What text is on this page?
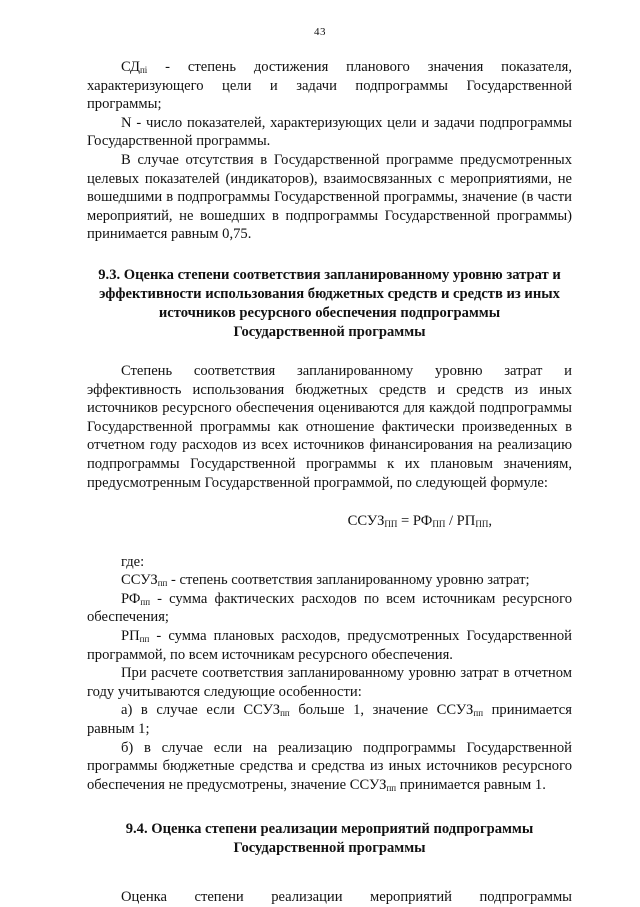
43

$СД_{пi}$ - степень достижения планового значения показателя, характеризующего цели и задачи подпрограммы Государственной программы;

N - число показателей, характеризующих цели и задачи подпрограммы Государственной программы.

В случае отсутствия в Государственной программе предусмотренных целевых показателей (индикаторов), взаимосвязанных с мероприятиями, не вошедшими в подпрограммы Государственной программы, значение (в части мероприятий, не вошедших в подпрограммы Государственной программы) принимается равным 0,75.

9.3. Оценка степени соответствия запланированному уровню затрат и
эффективности использования бюджетных средств и средств из иных
источников ресурсного обеспечения подпрограммы
Государственной программы

Степень соответствия запланированному уровню затрат и эффективность использования бюджетных средств и средств из иных источников ресурсного обеспечения оцениваются для каждой подпрограммы Государственной программы как отношение фактически произведенных в отчетном году расходов из всех источников финансирования на реализацию подпрограммы Государственной программы к их плановым значениям, предусмотренным Государственной программой, по следующей формуле:

$ССУЗ_{ПП} = РФ_{ПП} / РП_{ПП}$,

где:

$ССУЗ_{пп}$ - степень соответствия запланированному уровню затрат;

$РФ_{пп}$ - сумма фактических расходов по всем источникам ресурсного обеспечения;

$РП_{пп}$ - сумма плановых расходов, предусмотренных Государственной программой, по всем источникам ресурсного обеспечения.

При расчете соответствия запланированному уровню затрат в отчетном году учитываются следующие особенности:

а) в случае если $ССУЗ_{пп}$ больше 1, значение $ССУЗ_{пп}$ принимается равным 1;

б) в случае если на реализацию подпрограммы Государственной программы бюджетные средства и средства из иных источников ресурсного обеспечения не предусмотрены, значение $ССУЗ_{пп}$ принимается равным 1.

9.4. Оценка степени реализации мероприятий подпрограммы
Государственной программы
Оценка степени реализации мероприятий подпрограммы
